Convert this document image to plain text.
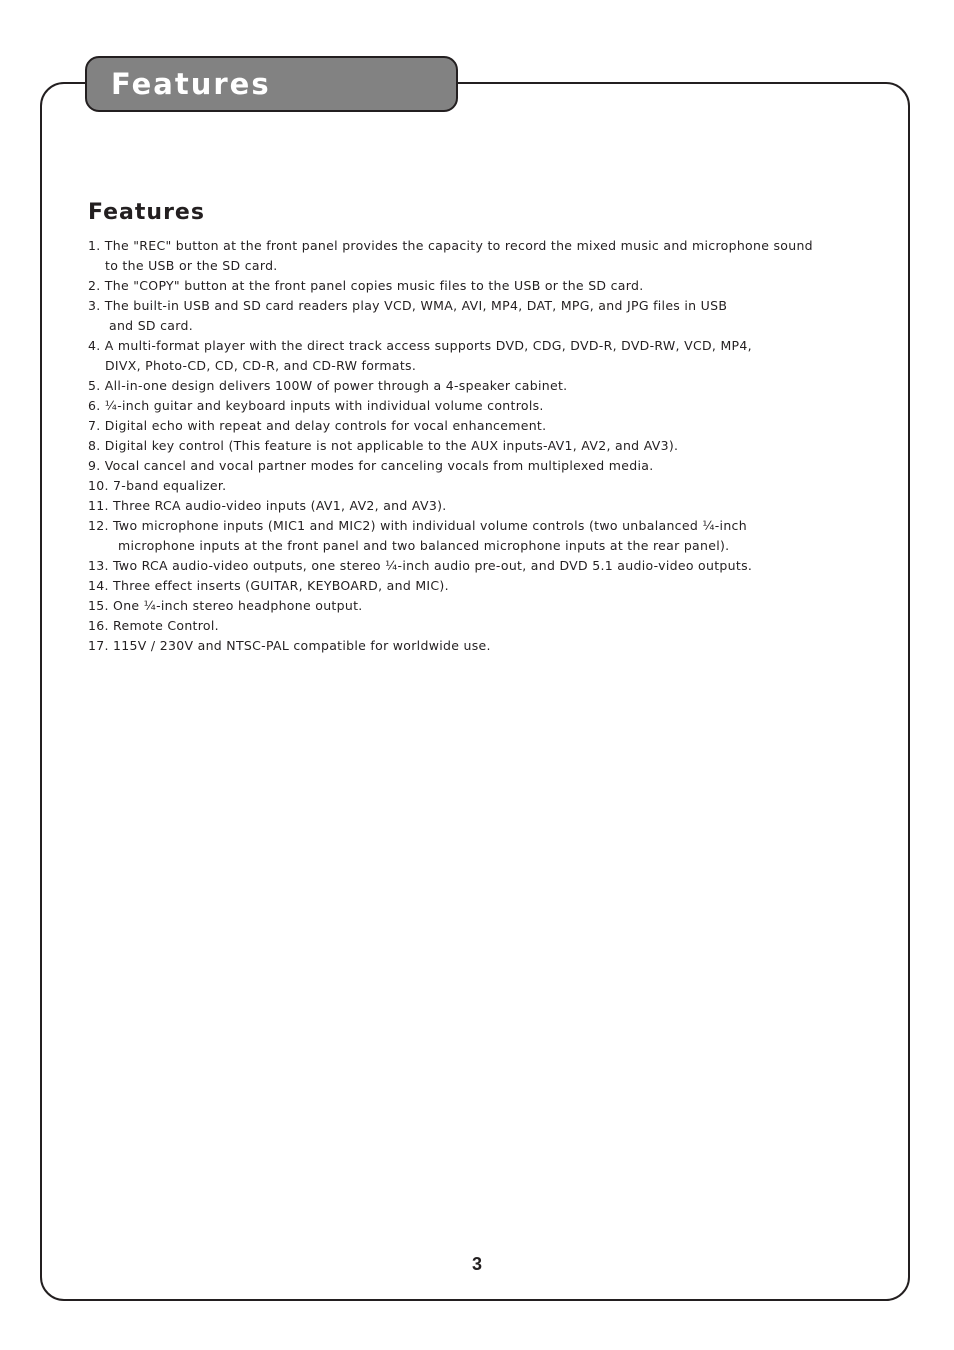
Features
Features
1. The "REC" button at the front panel provides the capacity to record the mixed music and microphone sound
to the USB or the SD card.
2. The "COPY" button at the front panel copies music files to the USB or the SD card.
3. The built-in USB and SD card readers play VCD, WMA, AVI, MP4, DAT, MPG, and JPG files in USB
and SD card.
4. A multi-format player with the direct track access supports DVD, CDG, DVD-R, DVD-RW, VCD, MP4,
DIVX, Photo-CD, CD, CD-R, and CD-RW formats.
5. All-in-one design delivers 100W of power through a 4-speaker cabinet.
6. ¼-inch guitar and keyboard inputs with individual volume controls.
7. Digital echo with repeat and delay controls for vocal enhancement.
8. Digital key control (This feature is not applicable to the AUX inputs-AV1, AV2, and AV3).
9. Vocal cancel and vocal partner modes for canceling vocals from multiplexed media.
10. 7-band equalizer.
11. Three RCA audio-video inputs (AV1, AV2, and AV3).
12. Two microphone inputs (MIC1 and MIC2) with individual volume controls (two unbalanced ¼-inch
microphone inputs at the front panel and two balanced microphone inputs at the rear panel).
13. Two RCA audio-video outputs, one stereo ¼-inch audio pre-out, and DVD 5.1 audio-video outputs.
14. Three effect inserts (GUITAR, KEYBOARD, and MIC).
15. One ¼-inch stereo headphone output.
16. Remote Control.
17. 115V / 230V and NTSC-PAL compatible for worldwide use.
3
